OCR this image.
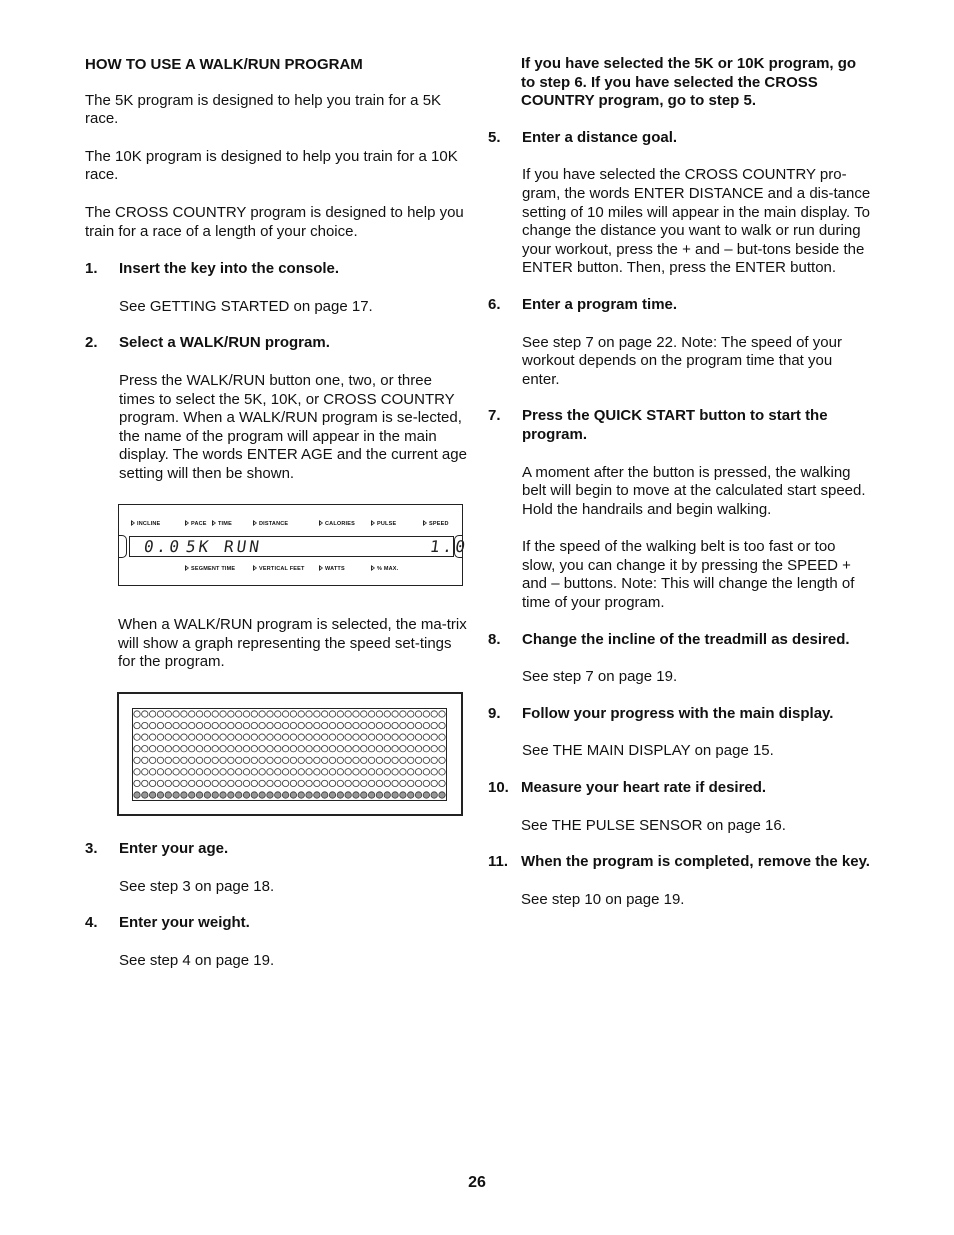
HOW TO USE A WALK/RUN PROGRAM

The 5K program is designed to help you train for a 5K race.

The 10K program is designed to help you train for a 10K race.

The CROSS COUNTRY program is designed to help you train for a race of a length of your choice.

1. Insert the key into the console.

See GETTING STARTED on page 17.

2. Select a WALK/RUN program.

Press the WALK/RUN button one, two, or three times to select the 5K, 10K, or CROSS COUNTRY program. When a WALK/RUN program is se-lected, the name of the program will appear in the main display. The words ENTER AGE and the current age setting will then be shown.

INCLINE	PACE	TIME	DISTANCE	CALORIES	PULSE	SPEED
0.0 5K RUN	1.0
SEGMENT TIME	VERTICAL FEET	WATTS	% MAX.

When a WALK/RUN program is selected, the ma-trix will show a graph representing the speed set-tings for the program.

3. Enter your age.

See step 3 on page 18.

4. Enter your weight.

See step 4 on page 19.

If you have selected the 5K or 10K program, go to step 6. If you have selected the CROSS COUNTRY program, go to step 5.

5. Enter a distance goal.

If you have selected the CROSS COUNTRY pro-gram, the words ENTER DISTANCE and a dis-tance setting of 10 miles will appear in the main display. To change the distance you want to walk or run during your workout, press the + and – but-tons beside the ENTER button. Then, press the ENTER button.

6. Enter a program time.

See step 7 on page 22. Note: The speed of your workout depends on the program time that you enter.

7. Press the QUICK START button to start the program.

A moment after the button is pressed, the walking belt will begin to move at the calculated start speed. Hold the handrails and begin walking.

If the speed of the walking belt is too fast or too slow, you can change it by pressing the SPEED + and – buttons. Note: This will change the length of time of your program.

8. Change the incline of the treadmill as desired.

See step 7 on page 19.

9. Follow your progress with the main display.

See THE MAIN DISPLAY on page 15.

10. Measure your heart rate if desired.

See THE PULSE SENSOR on page 16.

11. When the program is completed, remove the key.

See step 10 on page 19.

26
